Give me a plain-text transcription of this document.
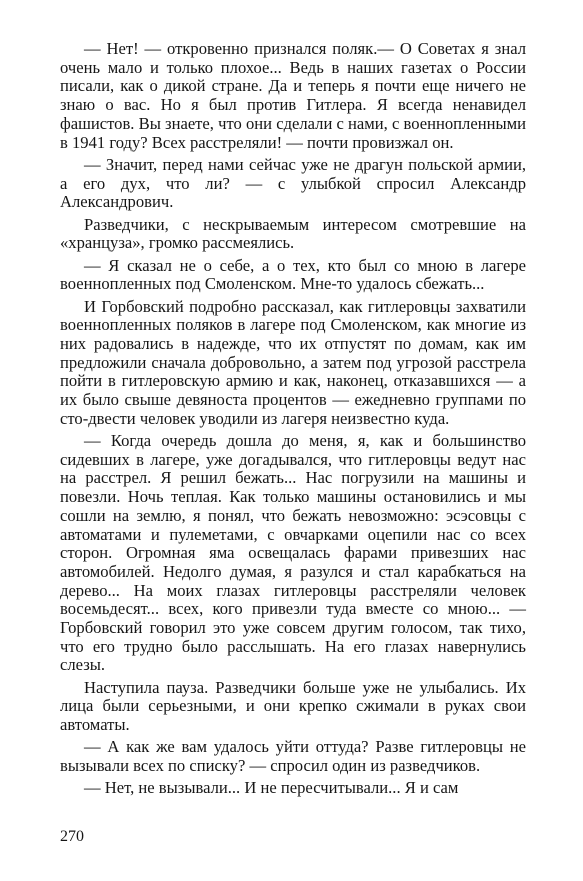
— Нет! — откровенно признался поляк.— О Советах я знал очень мало и только плохое... Ведь в наших газетах о России писали, как о дикой стране. Да и теперь я почти еще ничего не знаю о вас. Но я был против Гитлера. Я всегда ненавидел фашистов. Вы знаете, что они сделали с нами, с военнопленными в 1941 году? Всех расстреляли! — почти провизжал он.

— Значит, перед нами сейчас уже не драгун польской армии, а его дух, что ли? — с улыбкой спросил Александр Александрович.

Разведчики, с нескрываемым интересом смотревшие на «хранцуза», громко рассмеялись.

— Я сказал не о себе, а о тех, кто был со мною в лагере военнопленных под Смоленском. Мне-то удалось сбежать...

И Горбовский подробно рассказал, как гитлеровцы захватили военнопленных поляков в лагере под Смоленском, как многие из них радовались в надежде, что их отпустят по домам, как им предложили сначала добровольно, а затем под угрозой расстрела пойти в гитлеровскую армию и как, наконец, отказавшихся — а их было свыше девяноста процентов — ежедневно группами по сто-двести человек уводили из лагеря неизвестно куда.

— Когда очередь дошла до меня, я, как и большинство сидевших в лагере, уже догадывался, что гитлеровцы ведут нас на расстрел. Я решил бежать... Нас погрузили на машины и повезли. Ночь теплая. Как только машины остановились и мы сошли на землю, я понял, что бежать невозможно: эсэсовцы с автоматами и пулеметами, с овчарками оцепили нас со всех сторон. Огромная яма освещалась фарами привезших нас автомобилей. Недолго думая, я разулся и стал карабкаться на дерево... На моих глазах гитлеровцы расстреляли человек восемьдесят... всех, кого привезли туда вместе со мною... — Горбовский говорил это уже совсем другим голосом, так тихо, что его трудно было расслышать. На его глазах навернулись слезы.

Наступила пауза. Разведчики больше уже не улыбались. Их лица были серьезными, и они крепко сжимали в руках свои автоматы.

— А как же вам удалось уйти оттуда? Разве гитлеровцы не вызывали всех по списку? — спросил один из разведчиков.

— Нет, не вызывали... И не пересчитывали... Я и сам

270
